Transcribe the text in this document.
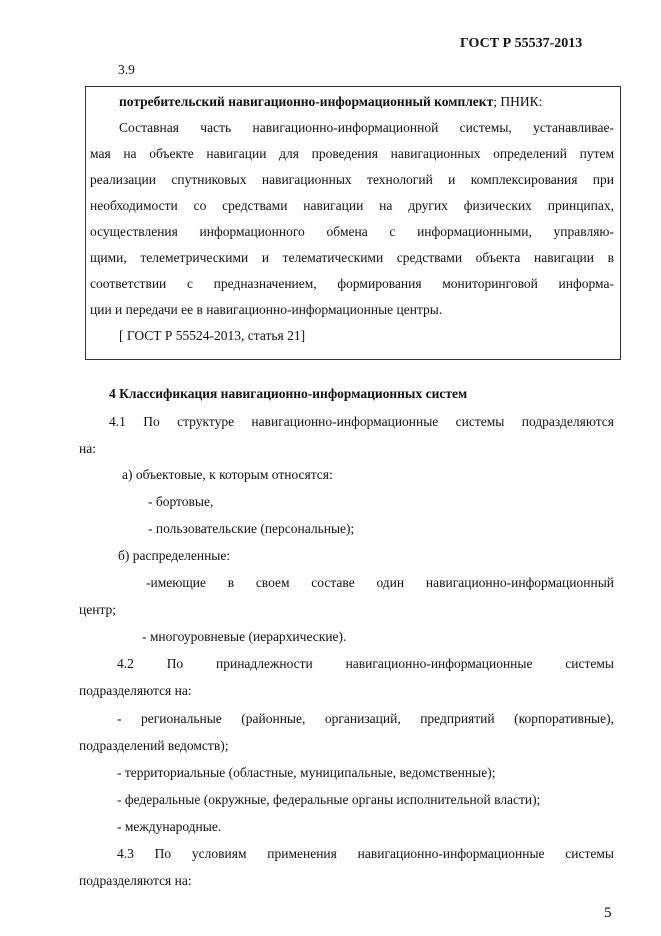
ГОСТ Р 55537-2013
3.9
потребительский навигационно-информационный комплект; ПНИК:
Составная часть навигационно-информационной системы, устанавливае-
мая на объекте навигации для проведения навигационных определений путем
реализации спутниковых навигационных технологий и комплексирования при
необходимости со средствами навигации на других физических принципах,
осуществления информационного обмена с информационными, управляю-
щими, телеметрическими и телематическими средствами объекта навигации в
соответствии с предназначением, формирования мониторинговой информа-
ции и передачи ее в навигационно-информационные центры.
[ ГОСТ Р 55524-2013, статья 21]
4 Классификация навигационно-информационных систем
4.1 По структуре навигационно-информационные системы подразделяются
на:
а) объектовые, к которым относятся:
- бортовые,
- пользовательские (персональные);
б) распределенные:
-имеющие в своем составе один навигационно-информационный
центр;
- многоуровневые (иерархические).
4.2 По принадлежности навигационно-информационные системы
подразделяются на:
- региональные (районные, организаций, предприятий (корпоративные),
подразделений ведомств);
- территориальные (областные, муниципальные, ведомственные);
- федеральные (окружные, федеральные органы исполнительной власти);
- международные.
4.3 По условиям применения навигационно-информационные системы
подразделяются на:
5
